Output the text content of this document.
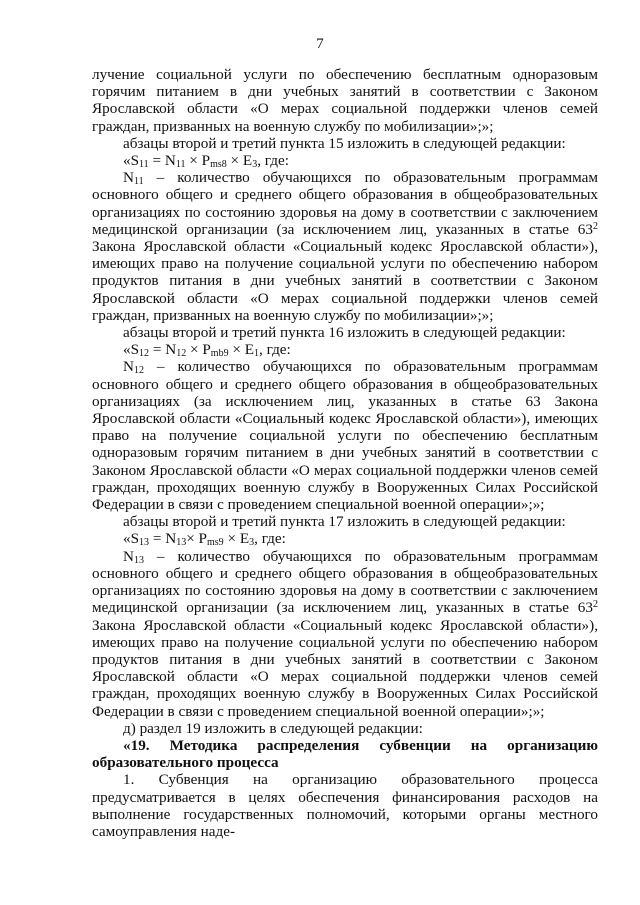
7

лучение социальной услуги по обеспечению бесплатным одноразовым горячим питанием в дни учебных занятий в соответствии с Законом Ярославской области «О мерах социальной поддержки членов семей граждан, призванных на военную службу по мобилизации»;»;

абзацы второй и третий пункта 15 изложить в следующей редакции:

«$S_{11} = N_{11} \times P_{ms8} \times E_3$, где:

$N_{11}$ – количество обучающихся по образовательным программам основного общего и среднего общего образования в общеобразовательных организациях по состоянию здоровья на дому в соответствии с заключением медицинской организации (за исключением лиц, указанных в статье $63^2$ Закона Ярославской области «Социальный кодекс Ярославской области»), имеющих право на получение социальной услуги по обеспечению набором продуктов питания в дни учебных занятий в соответствии с Законом Ярославской области «О мерах социальной поддержки членов семей граждан, призванных на военную службу по мобилизации»;»;

абзацы второй и третий пункта 16 изложить в следующей редакции:

«$S_{12} = N_{12} \times P_{mb9} \times E_1$, где:

$N_{12}$ – количество обучающихся по образовательным программам основного общего и среднего общего образования в общеобразовательных организациях (за исключением лиц, указанных в статье 63 Закона Ярославской области «Социальный кодекс Ярославской области»), имеющих право на получение социальной услуги по обеспечению бесплатным одноразовым горячим питанием в дни учебных занятий в соответствии с Законом Ярославской области «О мерах социальной поддержки членов семей граждан, проходящих военную службу в Вооруженных Силах Российской Федерации в связи с проведением специальной военной операции»;»;

абзацы второй и третий пункта 17 изложить в следующей редакции:

«$S_{13} = N_{13}\times P_{ms9} \times E_3$, где:

$N_{13}$ – количество обучающихся по образовательным программам основного общего и среднего общего образования в общеобразовательных организациях по состоянию здоровья на дому в соответствии с заключением медицинской организации (за исключением лиц, указанных в статье $63^2$ Закона Ярославской области «Социальный кодекс Ярославской области»), имеющих право на получение социальной услуги по обеспечению набором продуктов питания в дни учебных занятий в соответствии с Законом Ярославской области «О мерах социальной поддержки членов семей граждан, проходящих военную службу в Вооруженных Силах Российской Федерации в связи с проведением специальной военной операции»;»;

д) раздел 19 изложить в следующей редакции:

«19. Методика распределения субвенции на организацию образовательного процесса

1. Субвенция на организацию образовательного процесса предусматривается в целях обеспечения финансирования расходов на выполнение государственных полномочий, которыми органы местного самоуправления наде-
